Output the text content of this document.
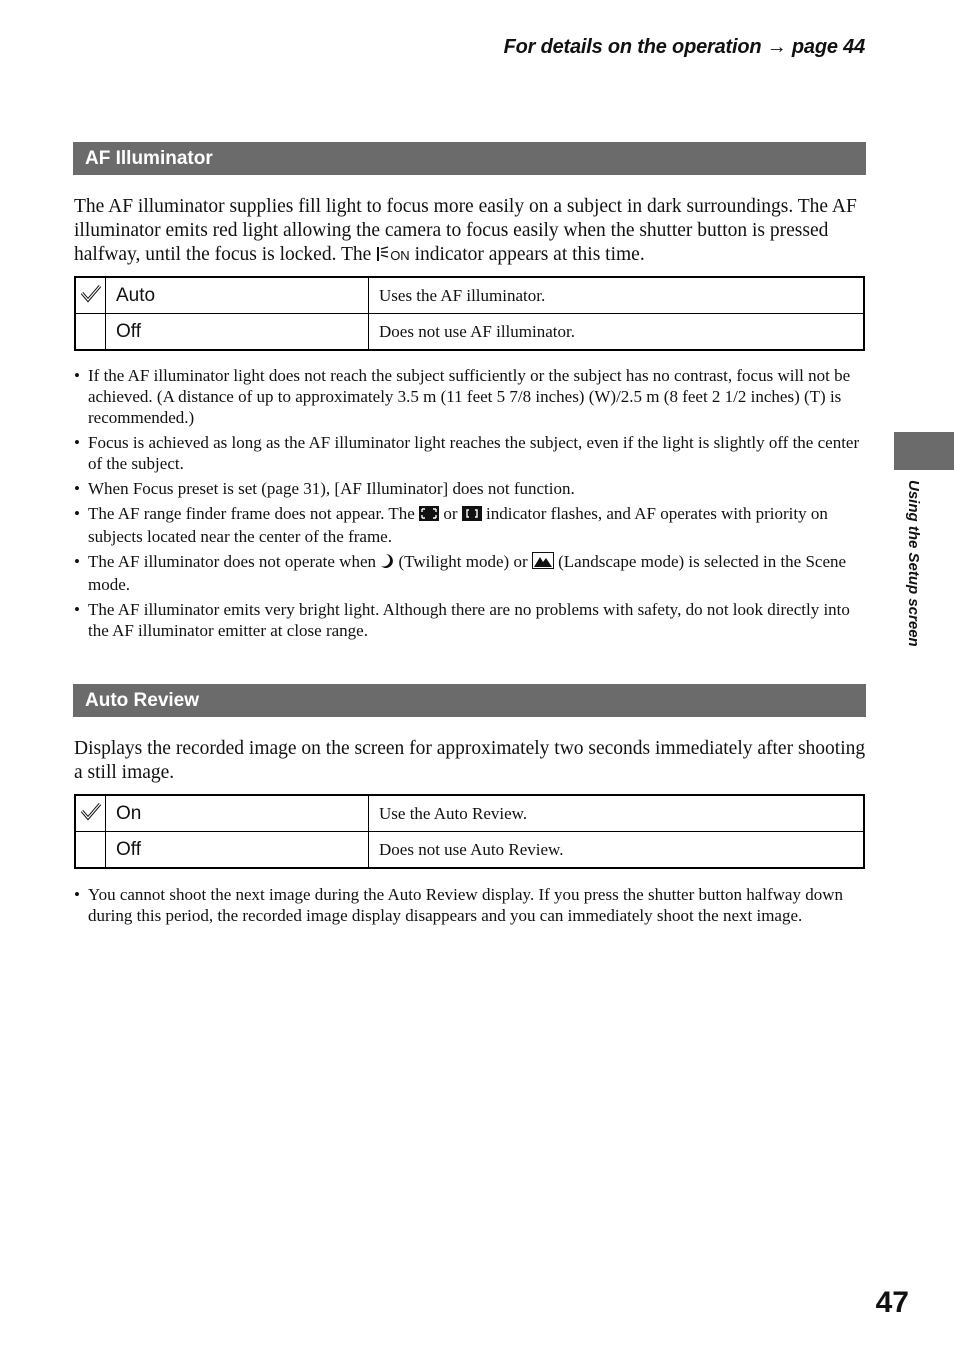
For details on the operation → page 44
AF Illuminator
The AF illuminator supplies fill light to focus more easily on a subject in dark surroundings. The AF illuminator emits red light allowing the camera to focus easily when the shutter button is pressed halfway, until the focus is locked. The ON indicator appears at this time.
	Auto	Uses the AF illuminator.
	Off	Does not use AF illuminator.
• If the AF illuminator light does not reach the subject sufficiently or the subject has no contrast, focus will not be achieved. (A distance of up to approximately 3.5 m (11 feet 5 7/8 inches) (W)/2.5 m (8 feet 2 1/2 inches) (T) is recommended.)
• Focus is achieved as long as the AF illuminator light reaches the subject, even if the light is slightly off the center of the subject.
• When Focus preset is set (page 31), [AF Illuminator] does not function.
• The AF range finder frame does not appear. The or indicator flashes, and AF operates with priority on subjects located near the center of the frame.
• The AF illuminator does not operate when (Twilight mode) or (Landscape mode) is selected in the Scene mode.
• The AF illuminator emits very bright light. Although there are no problems with safety, do not look directly into the AF illuminator emitter at close range.
Auto Review
Displays the recorded image on the screen for approximately two seconds immediately after shooting a still image.
	On	Use the Auto Review.
	Off	Does not use Auto Review.
• You cannot shoot the next image during the Auto Review display. If you press the shutter button halfway down during this period, the recorded image display disappears and you can immediately shoot the next image.
Using the Setup screen
47
